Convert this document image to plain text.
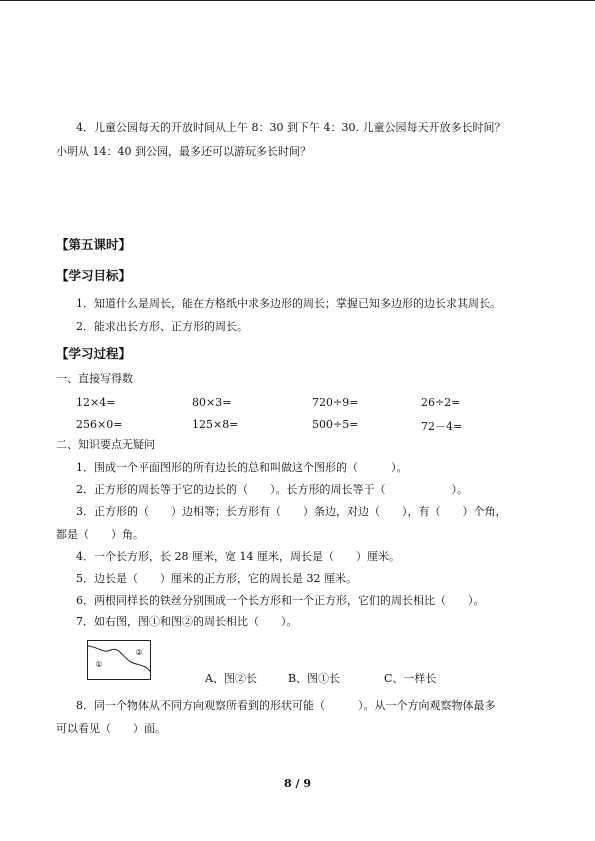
4．儿童公园每天的开放时间从上午 8：30 到下午 4：30. 儿童公园每天开放多长时间？
小明从 14：40 到公园，最多还可以游玩多长时间？
【第五课时】
【学习目标】
1．知道什么是周长，能在方格纸中求多边形的周长；掌握已知多边形的边长求其周长。
2．能求出长方形、正方形的周长。
【学习过程】
一、直接写得数
12×4=	80×3=	720÷9=	26÷2=
256×0=	125×8=	500÷5=	72－4=
二、知识要点无疑问
1．围成一个平面图形的所有边长的总和叫做这个图形的（　　　）。
2．正方形的周长等于它的边长的（　　）。长方形的周长等于（　　　　　　）。
3．正方形的（　　）边相等；长方形有（　　）条边，对边（　　），有（　　）个角，
都是（　　）角。
4．一个长方形，长 28 厘米，宽 14 厘米，周长是（　　）厘米。
5．边长是（　　）厘米的正方形，它的周长是 32 厘米。
6．两根同样长的铁丝分别围成一个长方形和一个正方形，它们的周长相比（　　）。
7．如右图，图①和图②的周长相比（　　）。
①
②
A、图②长	B、图①长	C、一样长
8．同一个物体从不同方向观察所看到的形状可能（　　　）。从一个方向观察物体最多
可以看见（　　）面。
8 / 9
